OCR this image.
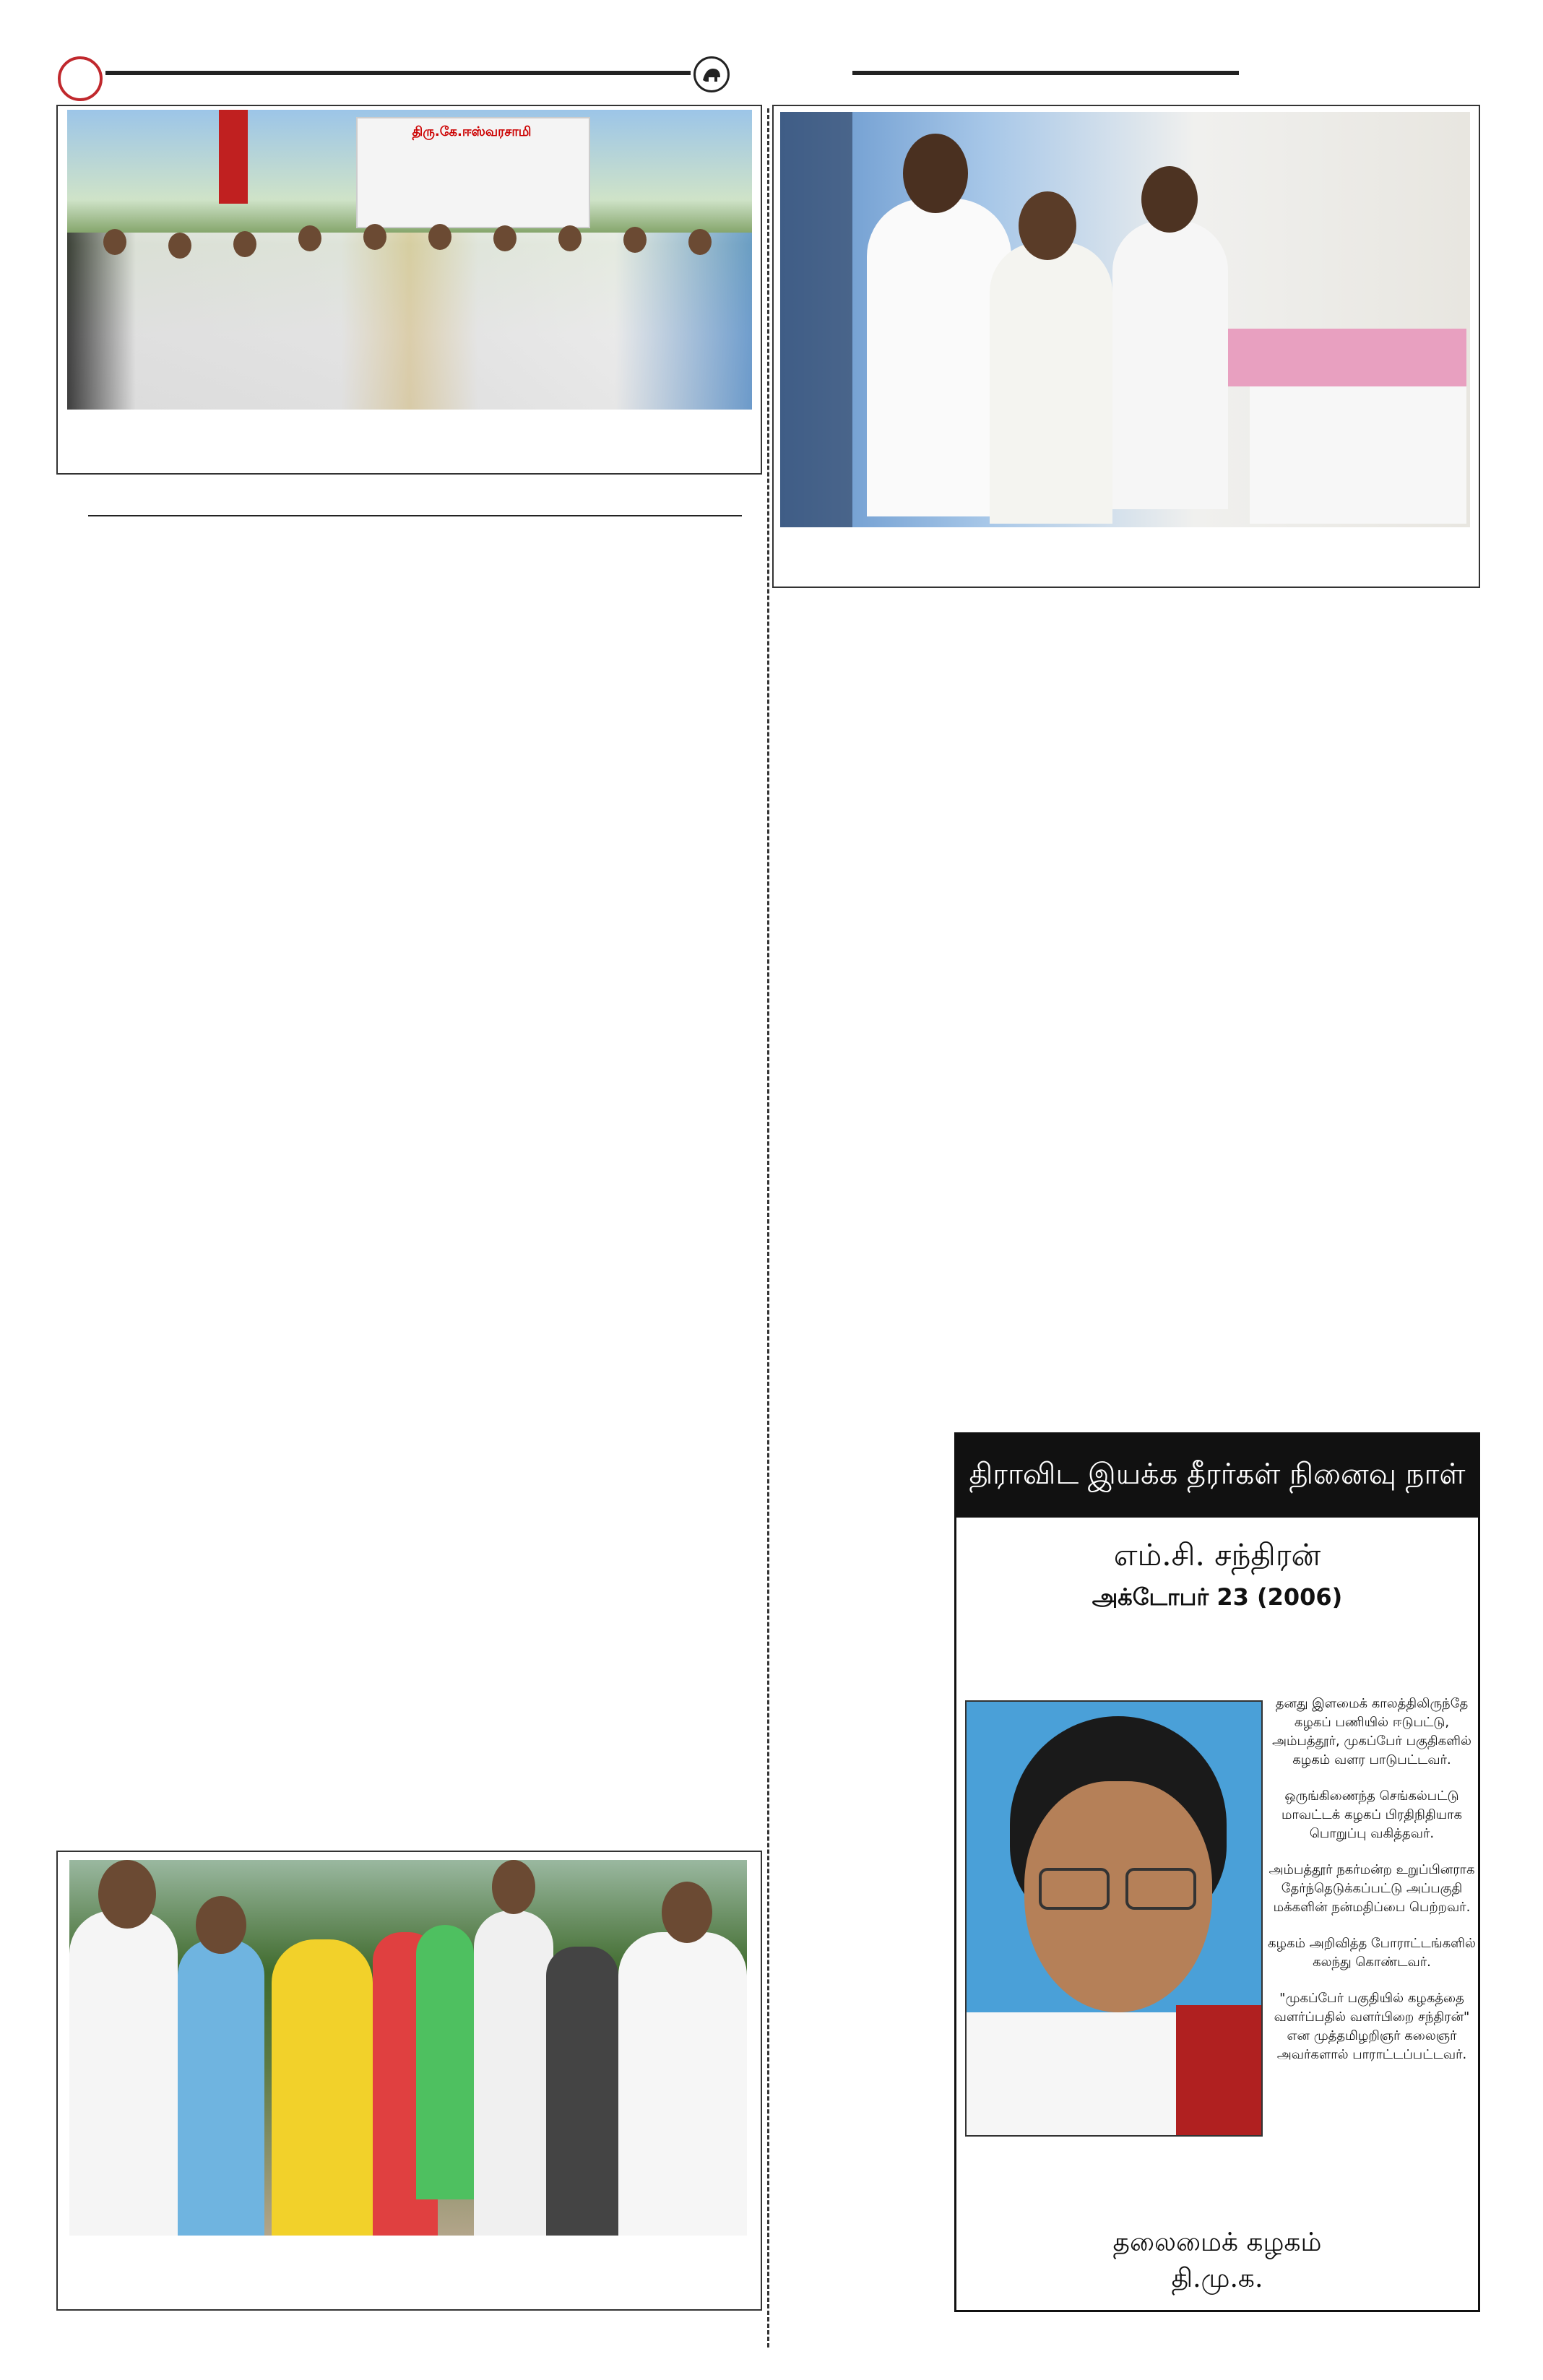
திரு.கே.ஈஸ்வரசாமி
திராவிட இயக்க தீரர்கள் நினைவு நாள்
எம்.சி. சந்திரன்
அக்டோபர் 23 (2006)

தனது இளமைக் காலத்திலிருந்தே கழகப் பணியில் ஈடுபட்டு, அம்பத்தூர், முகப்பேர் பகுதிகளில் கழகம் வளர பாடுபட்டவர்.

ஒருங்கிணைந்த செங்கல்பட்டு மாவட்டக் கழகப் பிரதிநிதியாக பொறுப்பு வகித்தவர்.

அம்பத்தூர் நகர்மன்ற உறுப்பினராக தேர்ந்தெடுக்கப்பட்டு அப்பகுதி மக்களின் நன்மதிப்பை பெற்றவர்.

கழகம் அறிவித்த போராட்டங்களில் கலந்து கொண்டவர்.

"முகப்பேர் பகுதியில் கழகத்தை வளர்ப்பதில் வளர்பிறை சந்திரன்" என முத்தமிழறிஞர் கலைஞர் அவர்களால் பாராட்டப்பட்டவர்.

தலைமைக் கழகம்
தி.மு.க.
